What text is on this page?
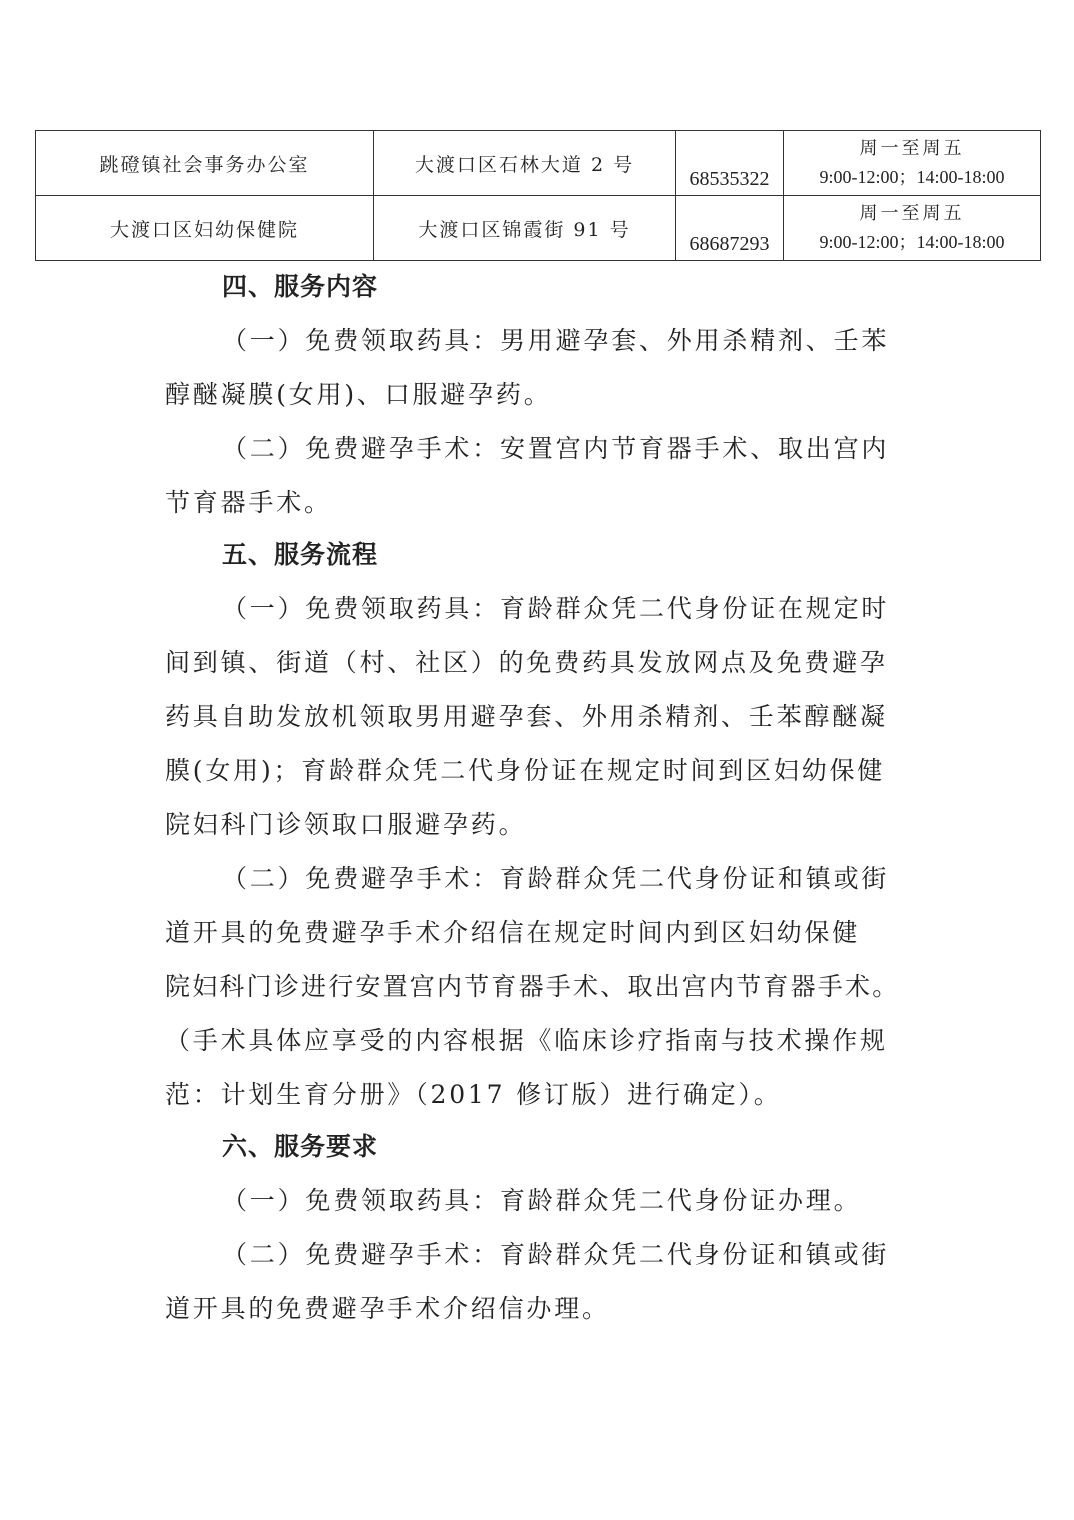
跳磴镇社会事务办公室	大渡口区石林大道 2 号	68535322	周一至周五
9:00-12:00；14:00-18:00

大渡口区妇幼保健院	大渡口区锦霞街 91 号	68687293	周一至周五
9:00-12:00；14:00-18:00
四、服务内容
（一）免费领取药具：男用避孕套、外用杀精剂、壬苯
醇醚凝膜(女用)、口服避孕药。
（二）免费避孕手术：安置宫内节育器手术、取出宫内
节育器手术。
五、服务流程
（一）免费领取药具：育龄群众凭二代身份证在规定时
间到镇、街道（村、社区）的免费药具发放网点及免费避孕
药具自助发放机领取男用避孕套、外用杀精剂、壬苯醇醚凝
膜(女用)；育龄群众凭二代身份证在规定时间到区妇幼保健
院妇科门诊领取口服避孕药。
（二）免费避孕手术：育龄群众凭二代身份证和镇或街
道开具的免费避孕手术介绍信在规定时间内到区妇幼保健
院妇科门诊进行安置宫内节育器手术、取出宫内节育器手术。
（手术具体应享受的内容根据《临床诊疗指南与技术操作规
范：计划生育分册》（2017 修订版）进行确定）。
六、服务要求
（一）免费领取药具：育龄群众凭二代身份证办理。
（二）免费避孕手术：育龄群众凭二代身份证和镇或街
道开具的免费避孕手术介绍信办理。
